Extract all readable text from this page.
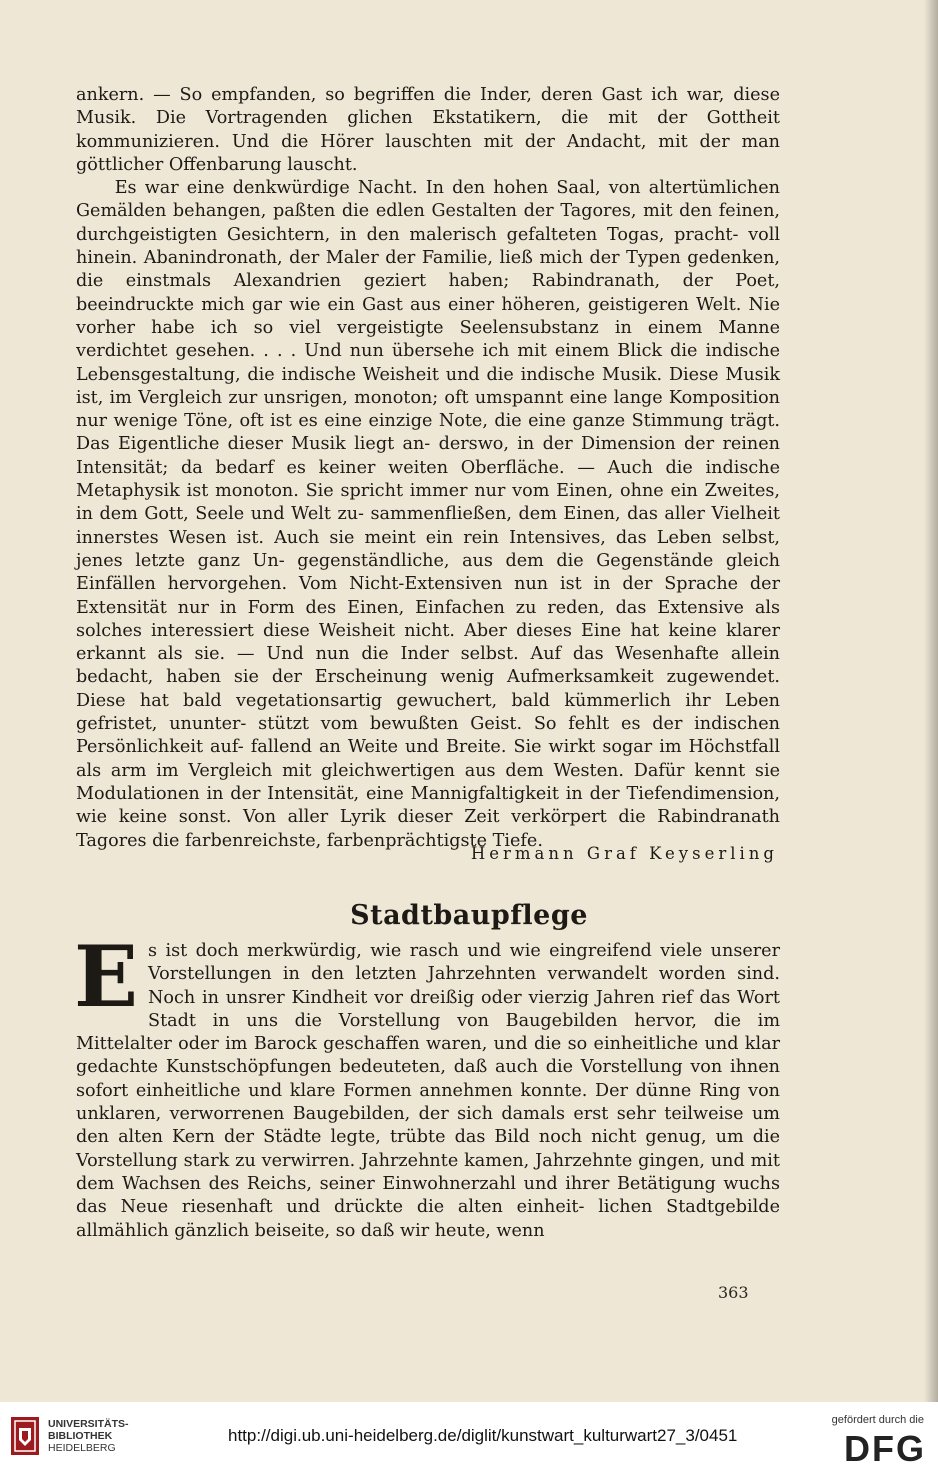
ankern. — So empfanden, so begriffen die Inder, deren Gast ich war, diese Musik. Die Vortragenden glichen Ekstatikern, die mit der Gottheit kommunizieren. Und die Hörer lauschten mit der Andacht, mit der man göttlicher Offenbarung lauscht.

Es war eine denkwürdige Nacht. In den hohen Saal, von altertümlichen Gemälden behangen, paßten die edlen Gestalten der Tagores, mit den feinen, durchgeistigten Gesichtern, in den malerisch gefalteten Togas, pracht- voll hinein. Abanindronath, der Maler der Familie, ließ mich der Typen gedenken, die einstmals Alexandrien geziert haben; Rabindranath, der Poet, beeindruckte mich gar wie ein Gast aus einer höheren, geistigeren Welt. Nie vorher habe ich so viel vergeistigte Seelensubstanz in einem Manne verdichtet gesehen. . . . Und nun übersehe ich mit einem Blick die indische Lebensgestaltung, die indische Weisheit und die indische Musik. Diese Musik ist, im Vergleich zur unsrigen, monoton; oft umspannt eine lange Komposition nur wenige Töne, oft ist es eine einzige Note, die eine ganze Stimmung trägt. Das Eigentliche dieser Musik liegt an- derswo, in der Dimension der reinen Intensität; da bedarf es keiner weiten Oberfläche. — Auch die indische Metaphysik ist monoton. Sie spricht immer nur vom Einen, ohne ein Zweites, in dem Gott, Seele und Welt zu- sammenfließen, dem Einen, das aller Vielheit innerstes Wesen ist. Auch sie meint ein rein Intensives, das Leben selbst, jenes letzte ganz Un- gegenständliche, aus dem die Gegenstände gleich Einfällen hervorgehen. Vom Nicht-Extensiven nun ist in der Sprache der Extensität nur in Form des Einen, Einfachen zu reden, das Extensive als solches interessiert diese Weisheit nicht. Aber dieses Eine hat keine klarer erkannt als sie. — Und nun die Inder selbst. Auf das Wesenhafte allein bedacht, haben sie der Erscheinung wenig Aufmerksamkeit zugewendet. Diese hat bald vegetationsartig gewuchert, bald kümmerlich ihr Leben gefristet, ununter- stützt vom bewußten Geist. So fehlt es der indischen Persönlichkeit auf- fallend an Weite und Breite. Sie wirkt sogar im Höchstfall als arm im Vergleich mit gleichwertigen aus dem Westen. Dafür kennt sie Modulationen in der Intensität, eine Mannigfaltigkeit in der Tiefendimension, wie keine sonst. Von aller Lyrik dieser Zeit verkörpert die Rabindranath Tagores die farbenreichste, farbenprächtigste Tiefe.

Hermann Graf Keyserling
Stadtbaupflege

Es ist doch merkwürdig, wie rasch und wie eingreifend viele unserer Vorstellungen in den letzten Jahrzehnten verwandelt worden sind. Noch in unsrer Kindheit vor dreißig oder vierzig Jahren rief das Wort Stadt in uns die Vorstellung von Baugebilden hervor, die im Mittelalter oder im Barock geschaffen waren, und die so einheitliche und klar gedachte Kunstschöpfungen bedeuteten, daß auch die Vorstellung von ihnen sofort einheitliche und klare Formen annehmen konnte. Der dünne Ring von unklaren, verworrenen Baugebilden, der sich damals erst sehr teilweise um den alten Kern der Städte legte, trübte das Bild noch nicht genug, um die Vorstellung stark zu verwirren. Jahrzehnte kamen, Jahrzehnte gingen, und mit dem Wachsen des Reichs, seiner Einwohnerzahl und ihrer Betätigung wuchs das Neue riesenhaft und drückte die alten einheit- lichen Stadtgebilde allmählich gänzlich beiseite, so daß wir heute, wenn

363
UNIVERSITÄTS-
BIBLIOTHEK
HEIDELBERG
http://digi.ub.uni-heidelberg.de/diglit/kunstwart_kulturwart27_3/0451
gefördert durch die
DFG
